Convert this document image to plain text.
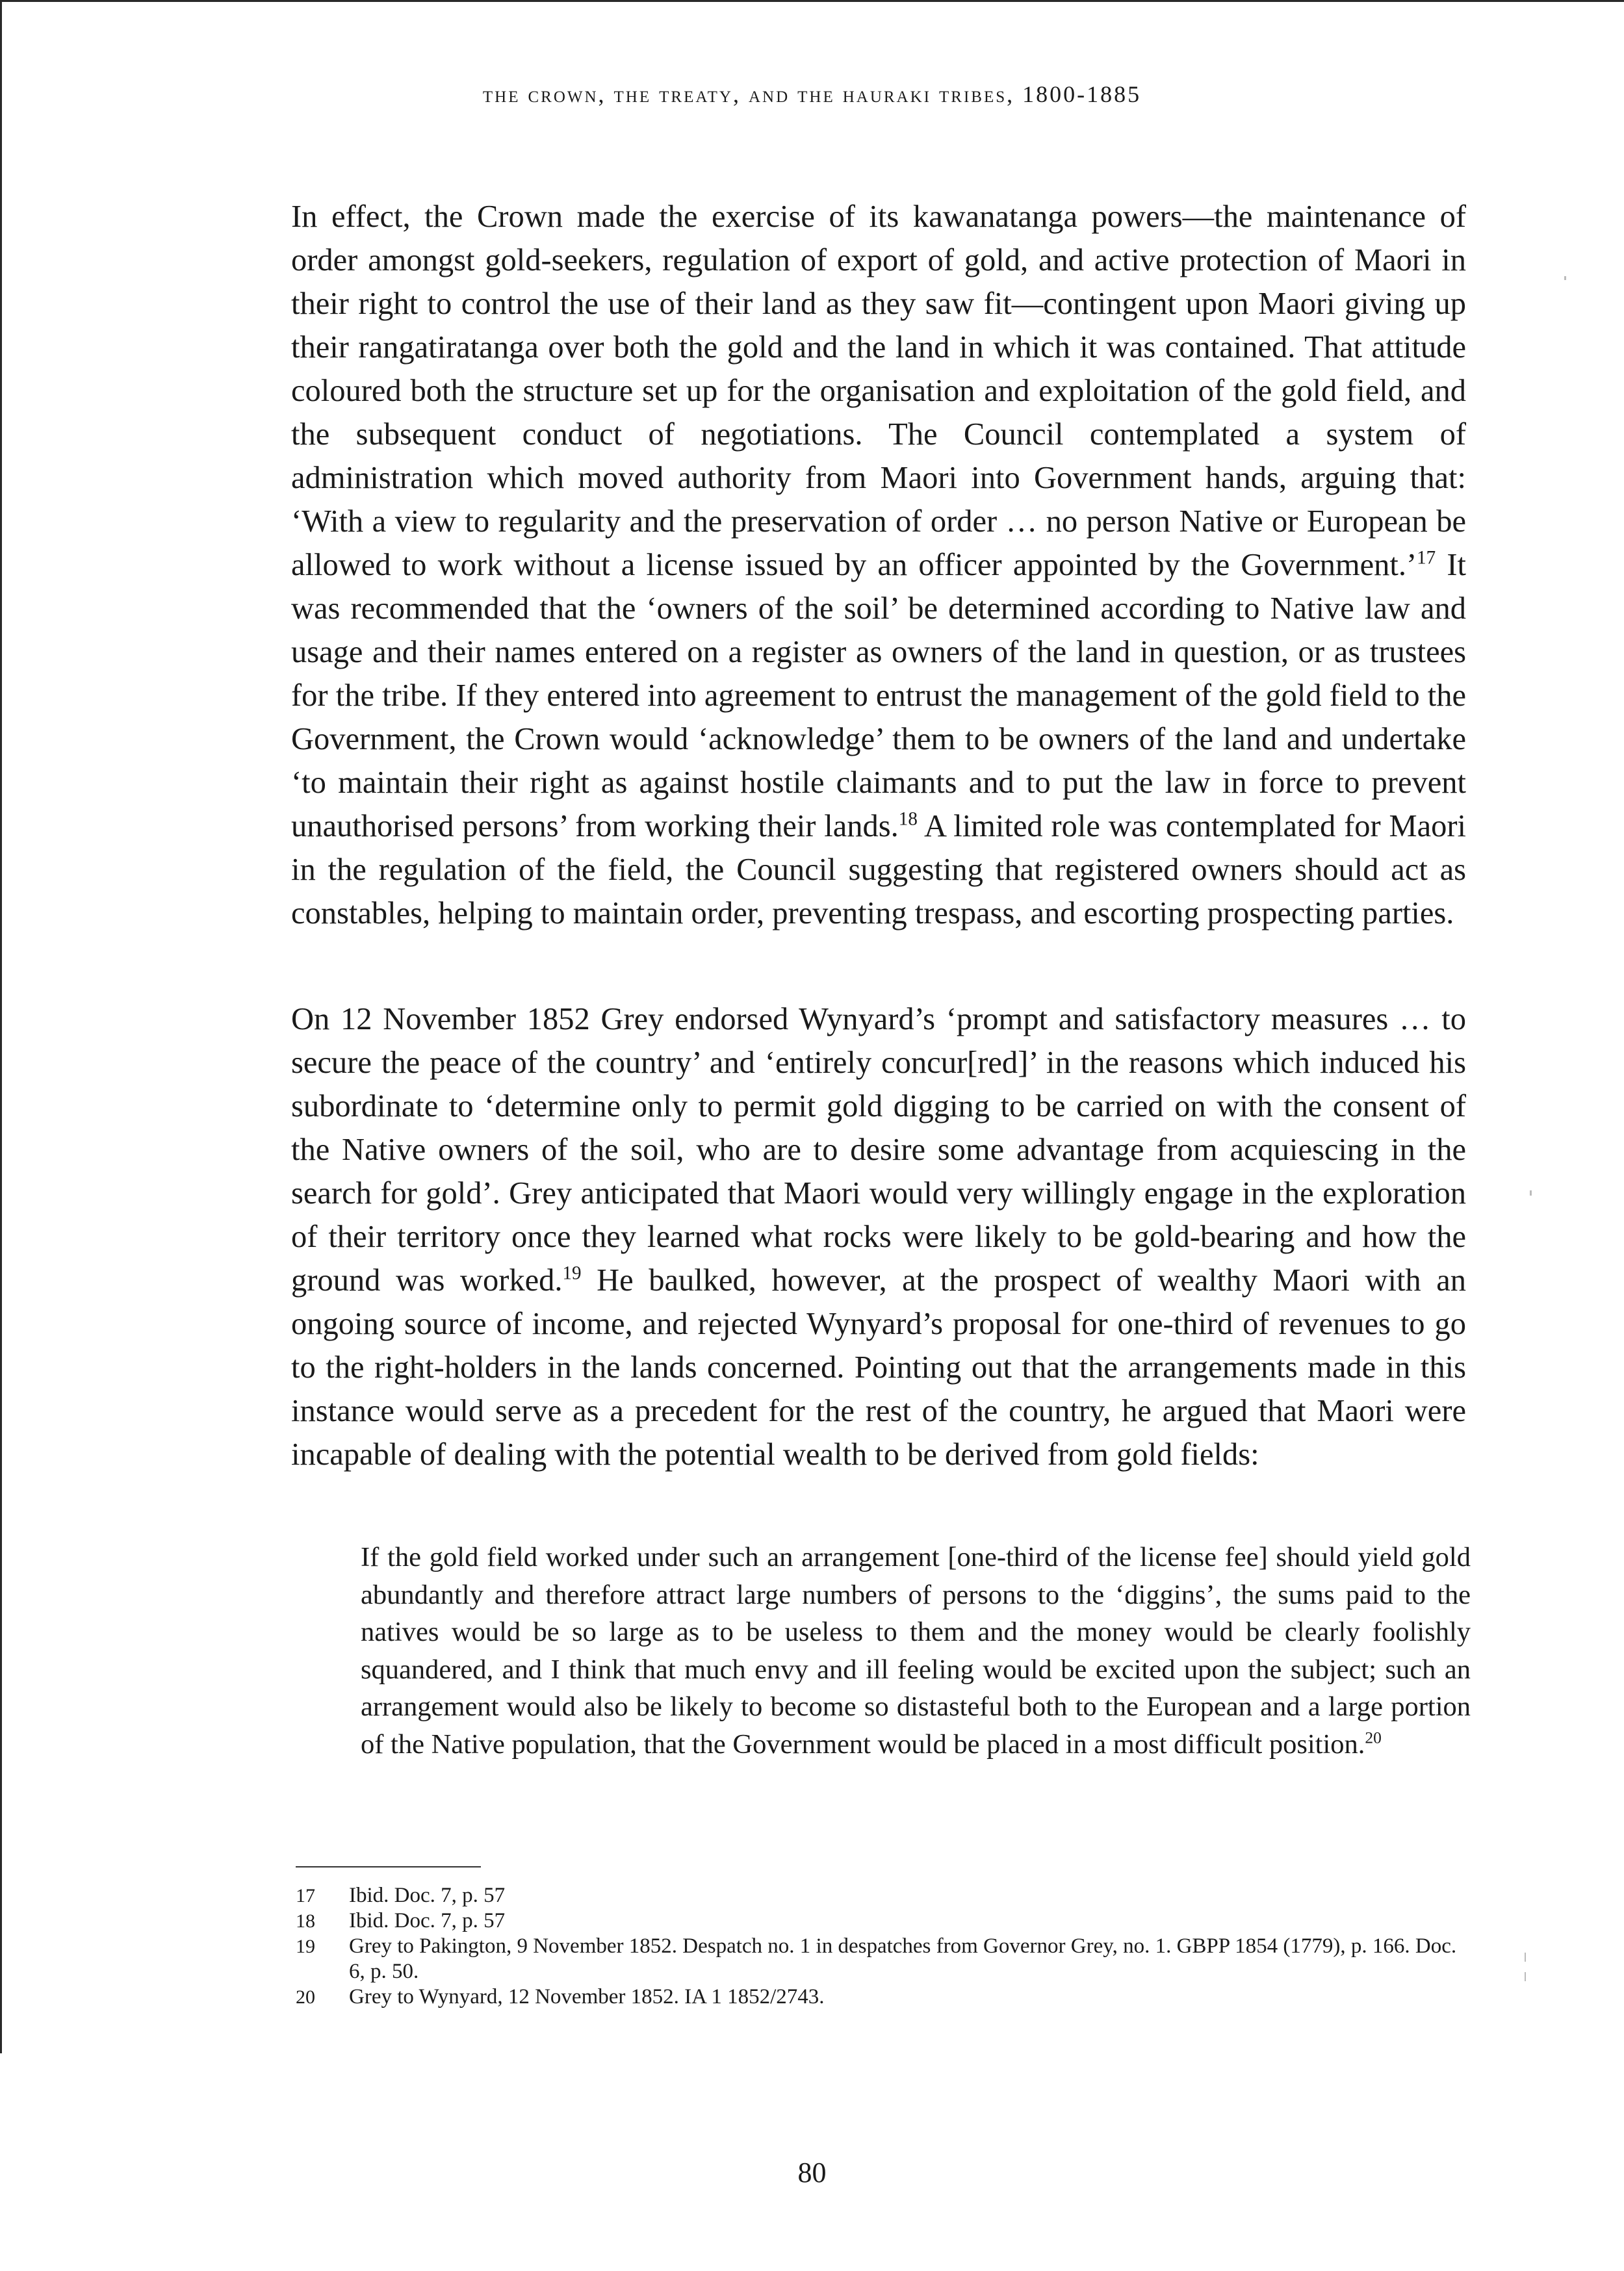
the crown, the treaty, and the hauraki tribes, 1800-1885

In effect, the Crown made the exercise of its kawanatanga powers—the maintenance of order amongst gold-seekers, regulation of export of gold, and active protection of Maori in their right to control the use of their land as they saw fit—contingent upon Maori giving up their rangatiratanga over both the gold and the land in which it was contained. That attitude coloured both the structure set up for the organisation and exploitation of the gold field, and the subsequent conduct of negotiations. The Council contemplated a system of administration which moved authority from Maori into Government hands, arguing that: ‘With a view to regularity and the preservation of order … no person Native or European be allowed to work without a license issued by an officer appointed by the Government.’$^{17}$ It was recommended that the ‘owners of the soil’ be determined according to Native law and usage and their names entered on a register as owners of the land in question, or as trustees for the tribe. If they entered into agreement to entrust the management of the gold field to the Government, the Crown would ‘acknowledge’ them to be owners of the land and undertake ‘to maintain their right as against hostile claimants and to put the law in force to prevent unauthorised persons’ from working their lands.$^{18}$ A limited role was contemplated for Maori in the regulation of the field, the Council suggesting that registered owners should act as constables, helping to maintain order, preventing trespass, and escorting prospecting parties.

On 12 November 1852 Grey endorsed Wynyard’s ‘prompt and satisfactory measures … to secure the peace of the country’ and ‘entirely concur[red]’ in the reasons which induced his subordinate to ‘determine only to permit gold digging to be carried on with the consent of the Native owners of the soil, who are to desire some advantage from acquiescing in the search for gold’. Grey anticipated that Maori would very willingly engage in the exploration of their territory once they learned what rocks were likely to be gold-bearing and how the ground was worked.$^{19}$ He baulked, however, at the prospect of wealthy Maori with an ongoing source of income, and rejected Wynyard’s proposal for one-third of revenues to go to the right-holders in the lands concerned. Pointing out that the arrangements made in this instance would serve as a precedent for the rest of the country, he argued that Maori were incapable of dealing with the potential wealth to be derived from gold fields:

If the gold field worked under such an arrangement [one-third of the license fee] should yield gold abundantly and therefore attract large numbers of persons to the ‘diggins’, the sums paid to the natives would be so large as to be useless to them and the money would be clearly foolishly squandered, and I think that much envy and ill feeling would be excited upon the subject; such an arrangement would also be likely to become so distasteful both to the European and a large portion of the Native population, that the Government would be placed in a most difficult position.$^{20}$
17 Ibid. Doc. 7, p. 57
18 Ibid. Doc. 7, p. 57
19 Grey to Pakington, 9 November 1852. Despatch no. 1 in despatches from Governor Grey, no. 1. GBPP 1854 (1779), p. 166. Doc. 6, p. 50.
20 Grey to Wynyard, 12 November 1852. IA 1 1852/2743.
80
